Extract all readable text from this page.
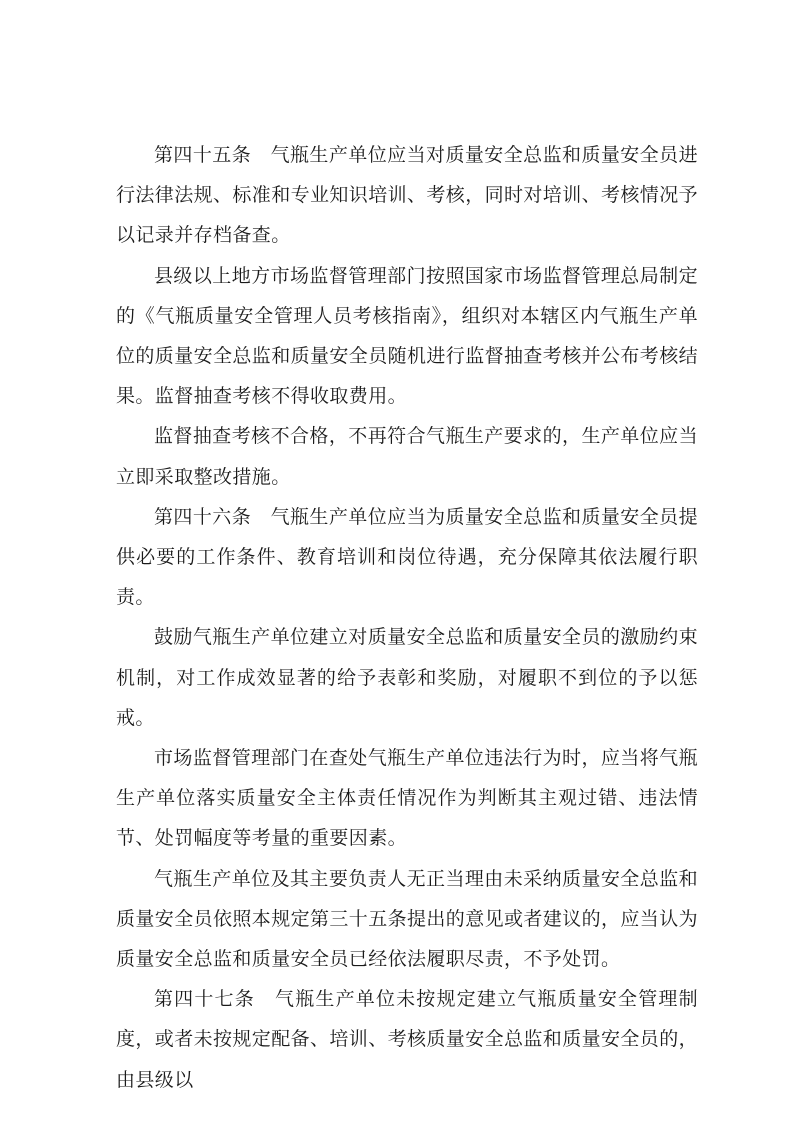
第四十五条　气瓶生产单位应当对质量安全总监和质量安全员进行法律法规、标准和专业知识培训、考核，同时对培训、考核情况予以记录并存档备查。

县级以上地方市场监督管理部门按照国家市场监督管理总局制定的《气瓶质量安全管理人员考核指南》，组织对本辖区内气瓶生产单位的质量安全总监和质量安全员随机进行监督抽查考核并公布考核结果。监督抽查考核不得收取费用。

监督抽查考核不合格，不再符合气瓶生产要求的，生产单位应当立即采取整改措施。

第四十六条　气瓶生产单位应当为质量安全总监和质量安全员提供必要的工作条件、教育培训和岗位待遇，充分保障其依法履行职责。

鼓励气瓶生产单位建立对质量安全总监和质量安全员的激励约束机制，对工作成效显著的给予表彰和奖励，对履职不到位的予以惩戒。

市场监督管理部门在查处气瓶生产单位违法行为时，应当将气瓶生产单位落实质量安全主体责任情况作为判断其主观过错、违法情节、处罚幅度等考量的重要因素。

气瓶生产单位及其主要负责人无正当理由未采纳质量安全总监和质量安全员依照本规定第三十五条提出的意见或者建议的，应当认为质量安全总监和质量安全员已经依法履职尽责，不予处罚。

第四十七条　气瓶生产单位未按规定建立气瓶质量安全管理制度，或者未按规定配备、培训、考核质量安全总监和质量安全员的，由县级以
